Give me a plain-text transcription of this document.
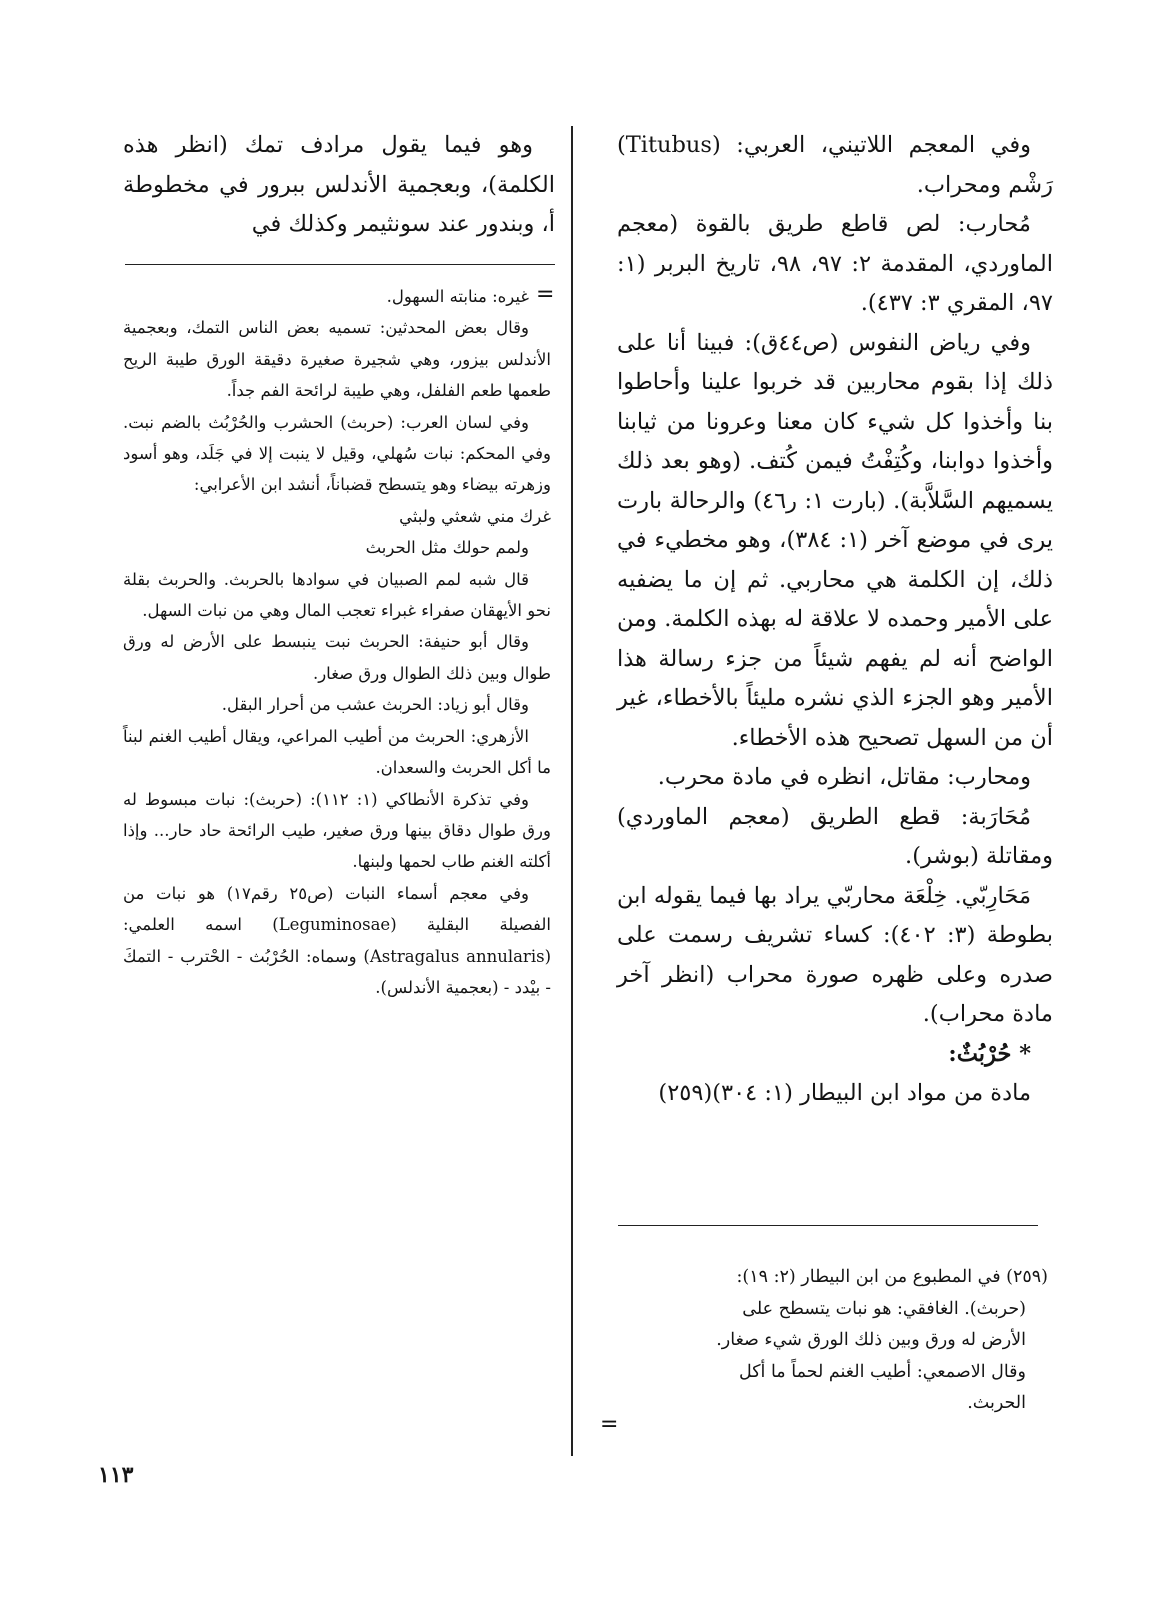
وفي المعجم اللاتيني، العربي: (Titubus) رَشْم ومحراب.

مُحارب: لص قاطع طريق بالقوة (معجم الماوردي، المقدمة ٢: ٩٧، ٩٨، تاريخ البربر (١: ٩٧، المقري ٣: ٤٣٧).

وفي رياض النفوس (ص٤٤ق): فبينا أنا على ذلك إذا بقوم محاربين قد خربوا علينا وأحاطوا بنا وأخذوا كل شيء كان معنا وعرونا من ثيابنا وأخذوا دوابنا، وكُتِفْتُ فيمن كُتف. (وهو بعد ذلك يسميهم السَّلاَّبة). (بارت ١: ر٤٦) والرحالة بارت يرى في موضع آخر (١: ٣٨٤)، وهو مخطيء في ذلك، إن الكلمة هي محاربي. ثم إن ما يضفيه على الأمير وحمده لا علاقة له بهذه الكلمة. ومن الواضح أنه لم يفهم شيئاً من جزء رسالة هذا الأمير وهو الجزء الذي نشره مليئاً بالأخطاء، غير أن من السهل تصحيح هذه الأخطاء.

ومحارب: مقاتل، انظره في مادة محرب.

مُحَارَبة: قطع الطريق (معجم الماوردي) ومقاتلة (بوشر).

مَحَارِبّي. خِلْعَة محاربّي يراد بها فيما يقوله ابن بطوطة (٣: ٤٠٢): كساء تشريف رسمت على صدره وعلى ظهره صورة محراب (انظر آخر مادة محراب).

* حُرْبُثٌ:

مادة من مواد ابن البيطار (١: ٣٠٤)(٢٥٩)

(٢٥٩) في المطبوع من ابن البيطار (٢: ١٩):

(حربث). الغافقي: هو نبات يتسطح على

الأرض له ورق وبين ذلك الورق شيء صغار.

وقال الاصمعي: أطيب الغنم لحماً ما أكل

الحربث.

وهو فيما يقول مرادف تمك (انظر هذه الكلمة)، وبعجمية الأندلس ببرور في مخطوطة أ، وبندور عند سونثيمر وكذلك في

غيره: منابته السهول.

وقال بعض المحدثين: تسميه بعض الناس التمك، وبعجمية الأندلس بيزور، وهي شجيرة صغيرة دقيقة الورق طيبة الريح طعمها طعم الفلفل، وهي طيبة لرائحة الفم جداً.

وفي لسان العرب: (حربث) الحشرب والحُرْبُث بالضم نبت. وفي المحكم: نبات سُهلي، وقيل لا ينبت إلا في جَلَد، وهو أسود وزهرته بيضاء وهو يتسطح قضباناً، أنشد ابن الأعرابي:

غرك مني شعثي ولبثي

ولمم حولك مثل الحربث

قال شبه لمم الصبيان في سوادها بالحربث. والحربث بقلة نحو الأيهقان صفراء غبراء تعجب المال وهي من نبات السهل.

وقال أبو حنيفة: الحربث نبت ينبسط على الأرض له ورق طوال وبين ذلك الطوال ورق صغار.

وقال أبو زياد: الحربث عشب من أحرار البقل.

الأزهري: الحربث من أطيب المراعي، ويقال أطيب الغنم لبناً ما أكل الحربث والسعدان.

وفي تذكرة الأنطاكي (١: ١١٢): (حربث): نبات مبسوط له ورق طوال دقاق بينها ورق صغير، طيب الرائحة حاد حار... وإذا أكلته الغنم طاب لحمها ولبنها.

وفي معجم أسماء النبات (ص٢٥ رقم١٧) هو نبات من الفصيلة البقلية (Leguminosae) اسمه العلمي: (Astragalus annularis) وسماه: الحُرْبُث - الحْترب - التمكَ - بيْدد - (بعجمية الأندلس).

=
=
١١٣
